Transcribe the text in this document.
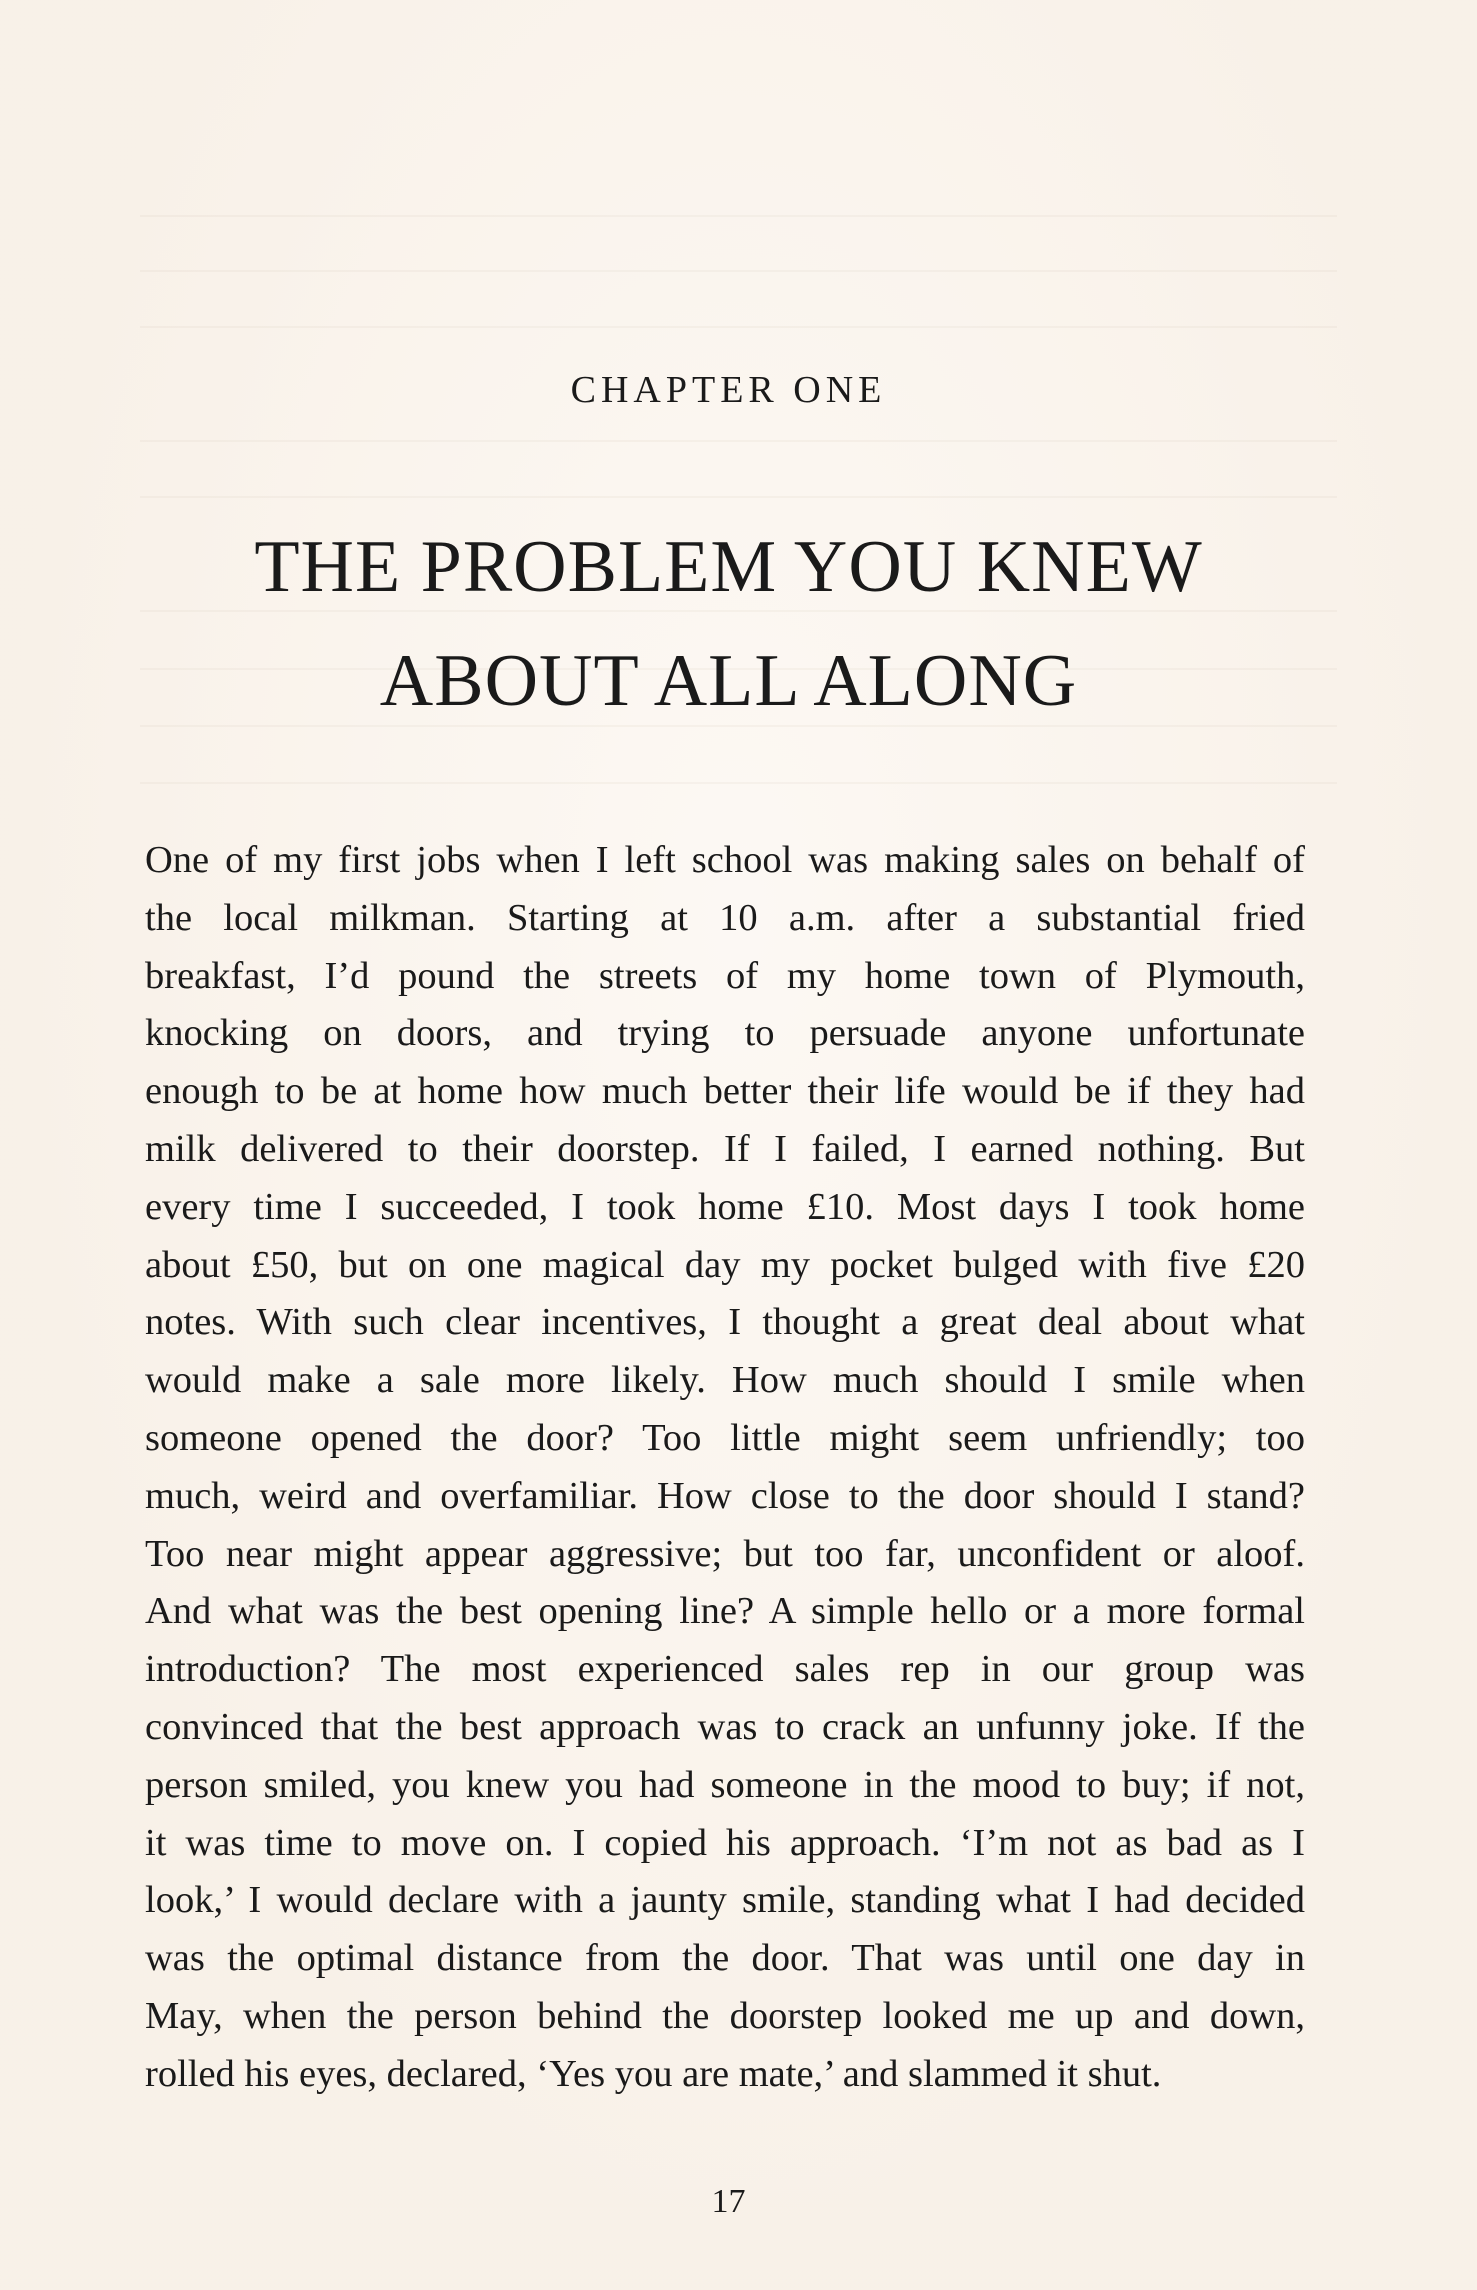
CHAPTER ONE
THE PROBLEM YOU KNEW
ABOUT ALL ALONG
One of my first jobs when I left school was making sales on behalf of
the local milkman. Starting at 10 a.m. after a substantial fried
breakfast, I’d pound the streets of my home town of Plymouth,
knocking on doors, and trying to persuade anyone unfortunate
enough to be at home how much better their life would be if they had
milk delivered to their doorstep. If I failed, I earned nothing. But
every time I succeeded, I took home £10. Most days I took home
about £50, but on one magical day my pocket bulged with five £20
notes. With such clear incentives, I thought a great deal about what
would make a sale more likely. How much should I smile when
someone opened the door? Too little might seem unfriendly; too
much, weird and overfamiliar. How close to the door should I stand?
Too near might appear aggressive; but too far, unconfident or aloof.
And what was the best opening line? A simple hello or a more formal
introduction? The most experienced sales rep in our group was
convinced that the best approach was to crack an unfunny joke. If the
person smiled, you knew you had someone in the mood to buy; if not,
it was time to move on. I copied his approach. ‘I’m not as bad as I
look,’ I would declare with a jaunty smile, standing what I had decided
was the optimal distance from the door. That was until one day in
May, when the person behind the doorstep looked me up and down,
rolled his eyes, declared, ‘Yes you are mate,’ and slammed it shut.
17
